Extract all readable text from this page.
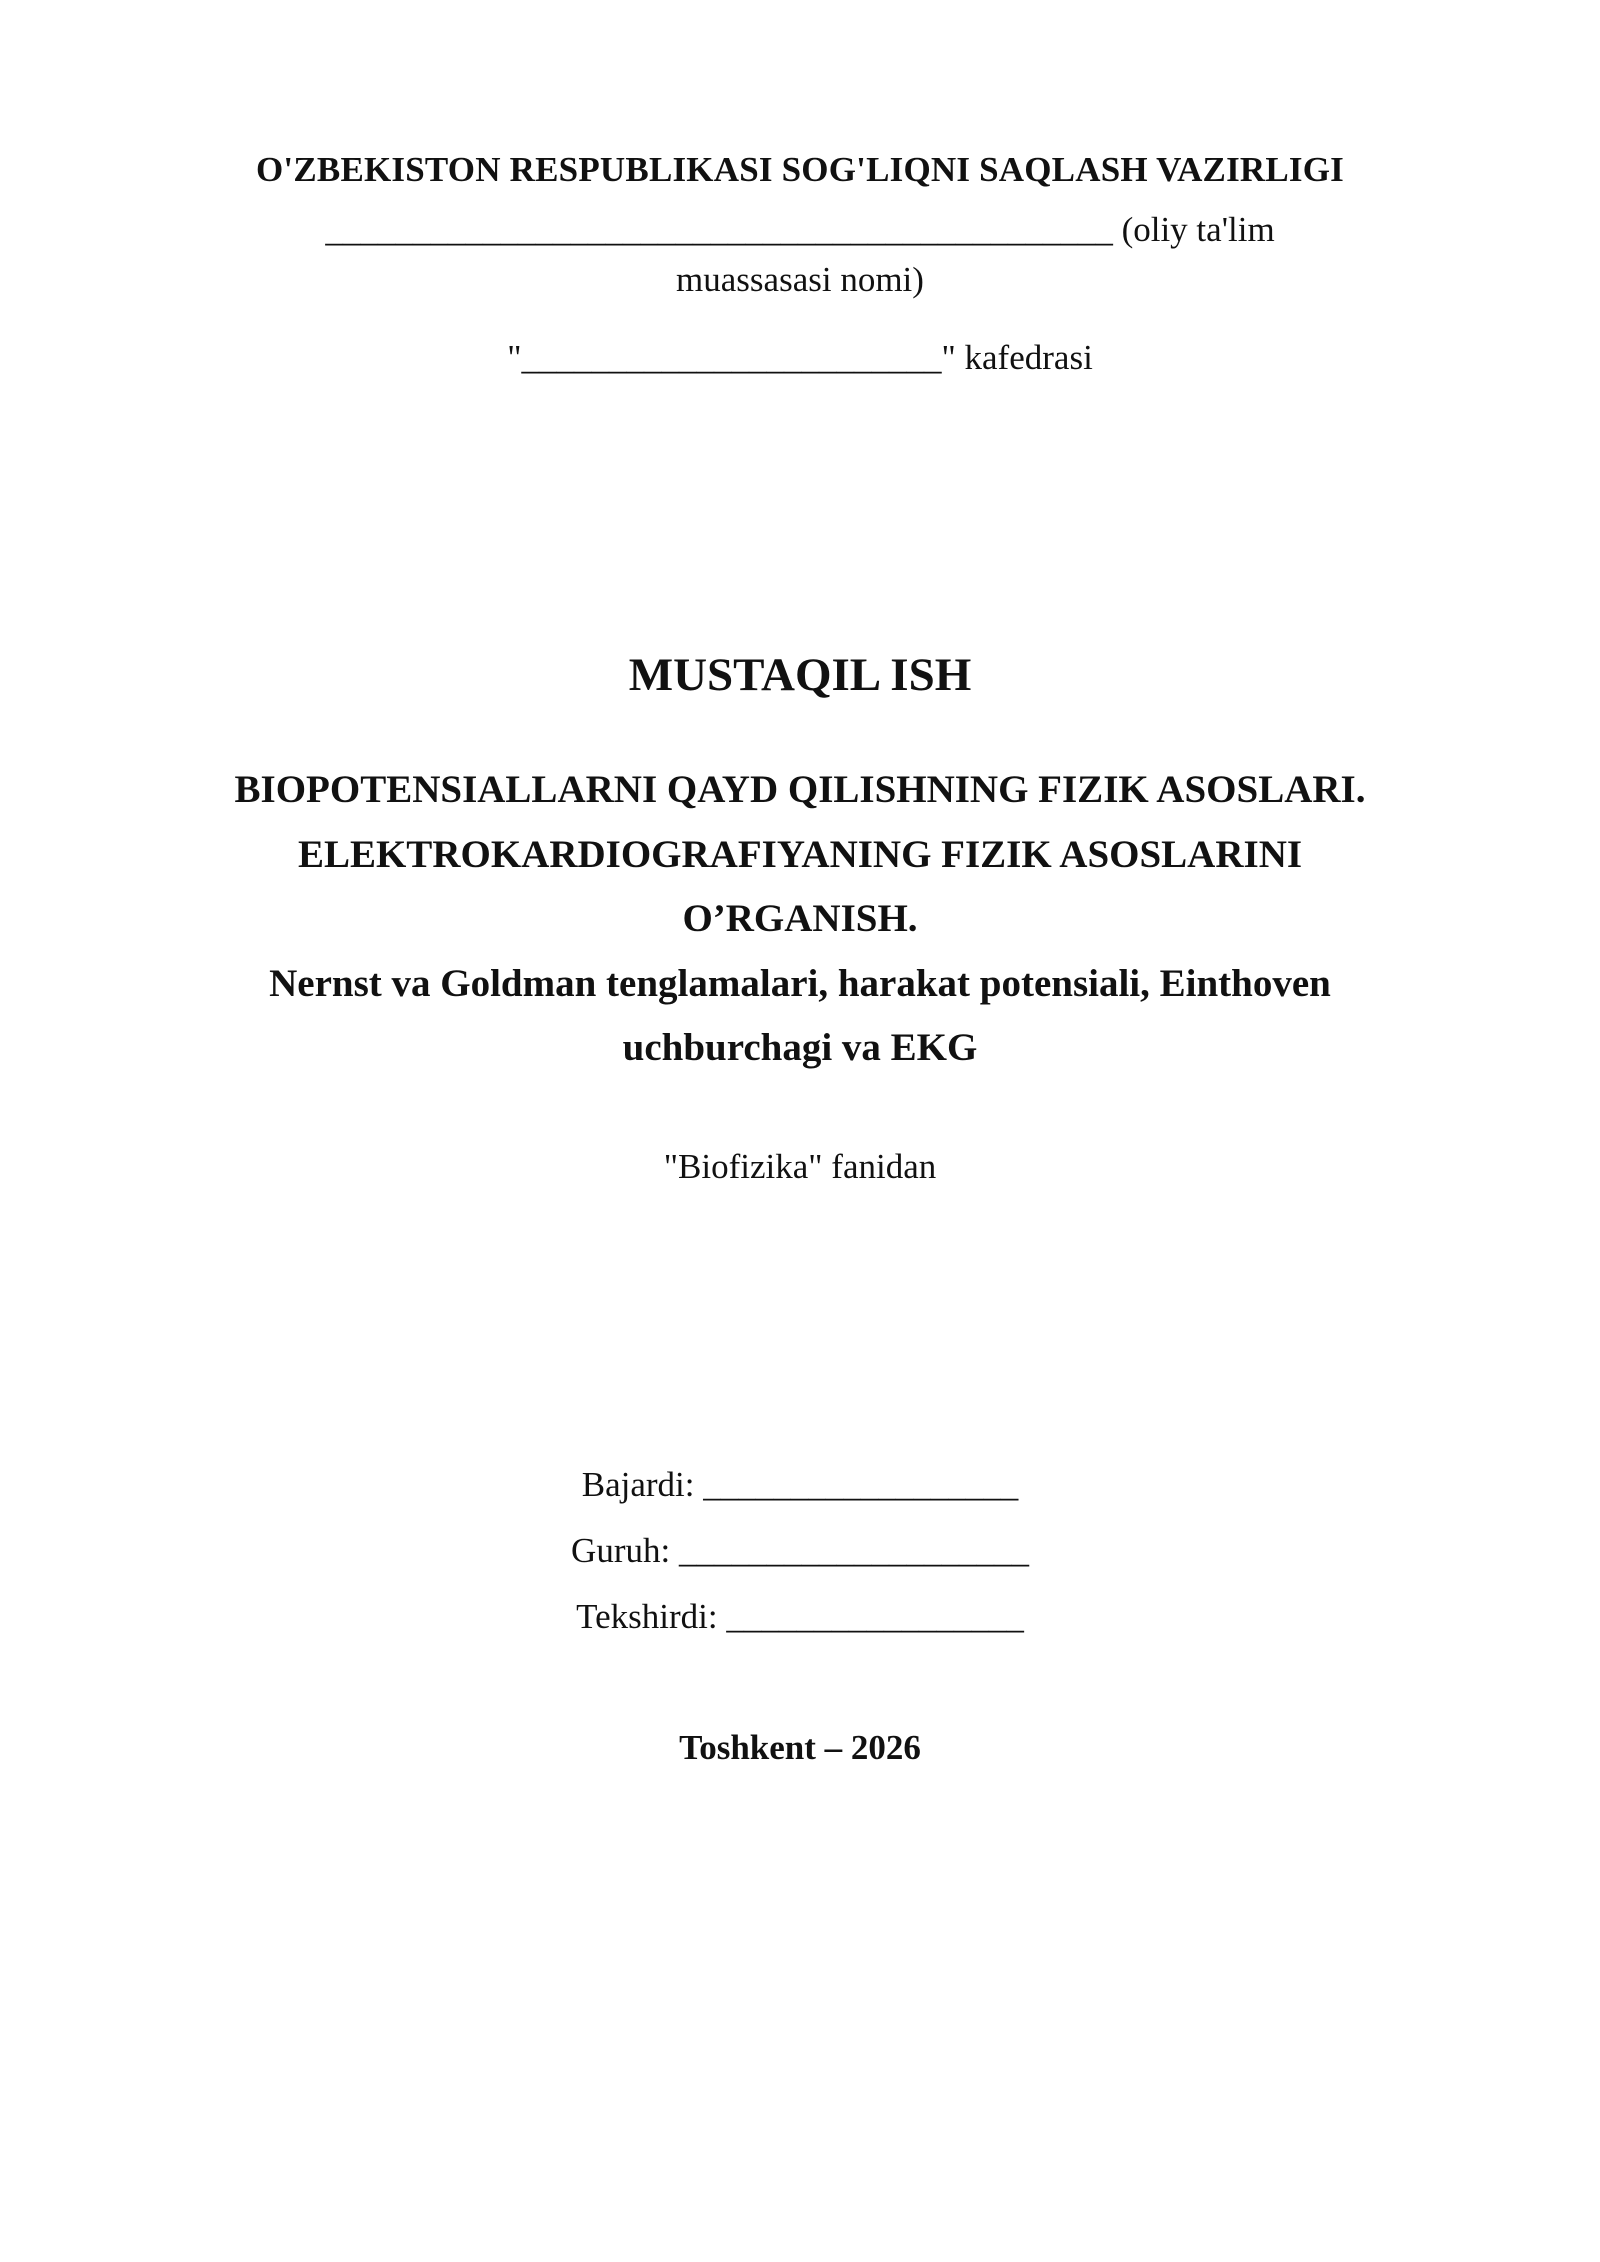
O'ZBEKISTON RESPUBLIKASI SOG'LIQNI SAQLASH VAZIRLIGI
_____________________________________________ (oliy ta'lim
muassasasi nomi)
"________________________" kafedrasi
MUSTAQIL ISH
BIOPOTENSIALLARNI QAYD QILISHNING FIZIK ASOSLARI.
ELEKTROKARDIOGRAFIYANING FIZIK ASOSLARINI
O’RGANISH.
Nernst va Goldman tenglamalari, harakat potensiali, Einthoven
uchburchagi va EKG
"Biofizika" fanidan
Bajardi: __________________
Guruh: ____________________
Tekshirdi: _________________
Toshkent – 2026
